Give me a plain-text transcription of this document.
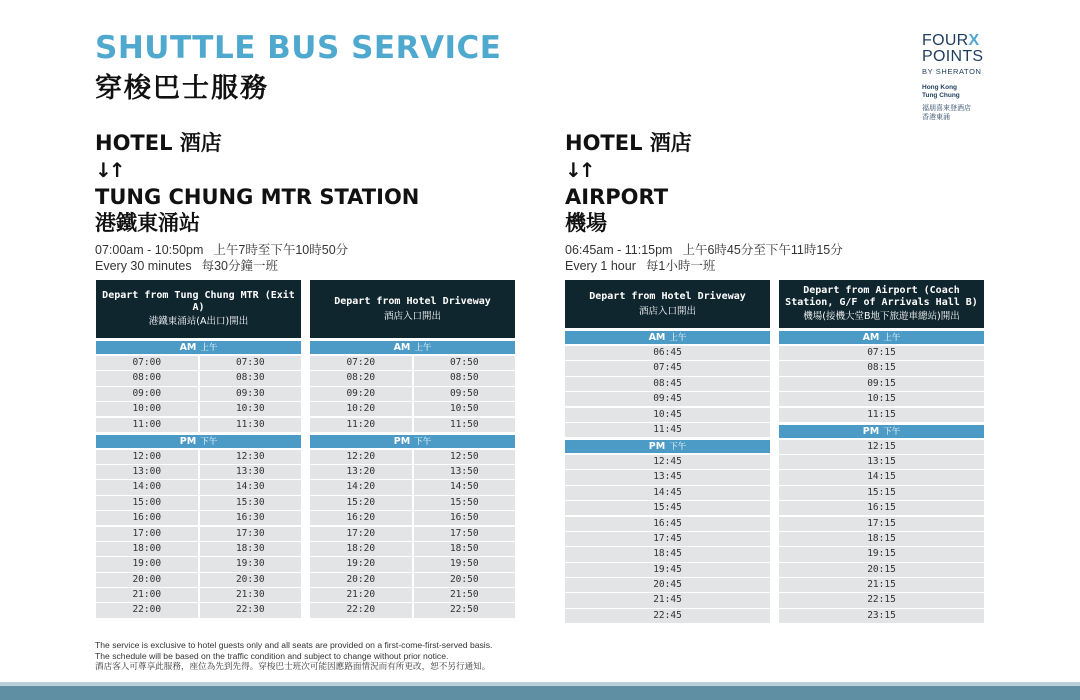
SHUTTLE BUS SERVICE
穿梭巴士服務
FOURX
POINTS
BY SHERATON
Hong Kong
Tung Chung
福朋喜來登酒店
香港東涌
HOTEL 酒店
↓↑
TUNG CHUNG MTR STATION
港鐵東涌站
07:00am - 10:50pm 上午7時至下午10時50分
Every 30 minutes 每30分鐘一班
HOTEL 酒店
↓↑
AIRPORT
機場
06:45am - 11:15pm 上午6時45分至下午11時15分
Every 1 hour 每1小時一班
Depart from Tung Chung MTR (Exit A)
港鐵東涌站(A出口)開出
AM 上午
07:00	07:30
08:00	08:30
09:00	09:30
10:00	10:30
11:00	11:30
PM 下午
12:00	12:30
13:00	13:30
14:00	14:30
15:00	15:30
16:00	16:30
17:00	17:30
18:00	18:30
19:00	19:30
20:00	20:30
21:00	21:30
22:00	22:30
Depart from Hotel Driveway
酒店入口開出
AM 上午
07:20	07:50
08:20	08:50
09:20	09:50
10:20	10:50
11:20	11:50
PM 下午
12:20	12:50
13:20	13:50
14:20	14:50
15:20	15:50
16:20	16:50
17:20	17:50
18:20	18:50
19:20	19:50
20:20	20:50
21:20	21:50
22:20	22:50
Depart from Hotel Driveway
酒店入口開出
AM 上午
06:45
07:45
08:45
09:45
10:45
11:45
PM 下午
12:45
13:45
14:45
15:45
16:45
17:45
18:45
19:45
20:45
21:45
22:45
Depart from Airport (Coach Station, G/F of Arrivals Hall B)
機場(接機大堂B地下旅遊車總站)開出
AM 上午
07:15
08:15
09:15
10:15
11:15
PM 下午
12:15
13:15
14:15
15:15
16:15
17:15
18:15
19:15
20:15
21:15
22:15
23:15
The service is exclusive to hotel guests only and all seats are provided on a first-come-first-served basis.
The schedule will be based on the traffic condition and subject to change without prior notice.
酒店客人可尊享此服務，座位為先到先得。穿梭巴士班次可能因應路面情況而有所更改，恕不另行通知。
